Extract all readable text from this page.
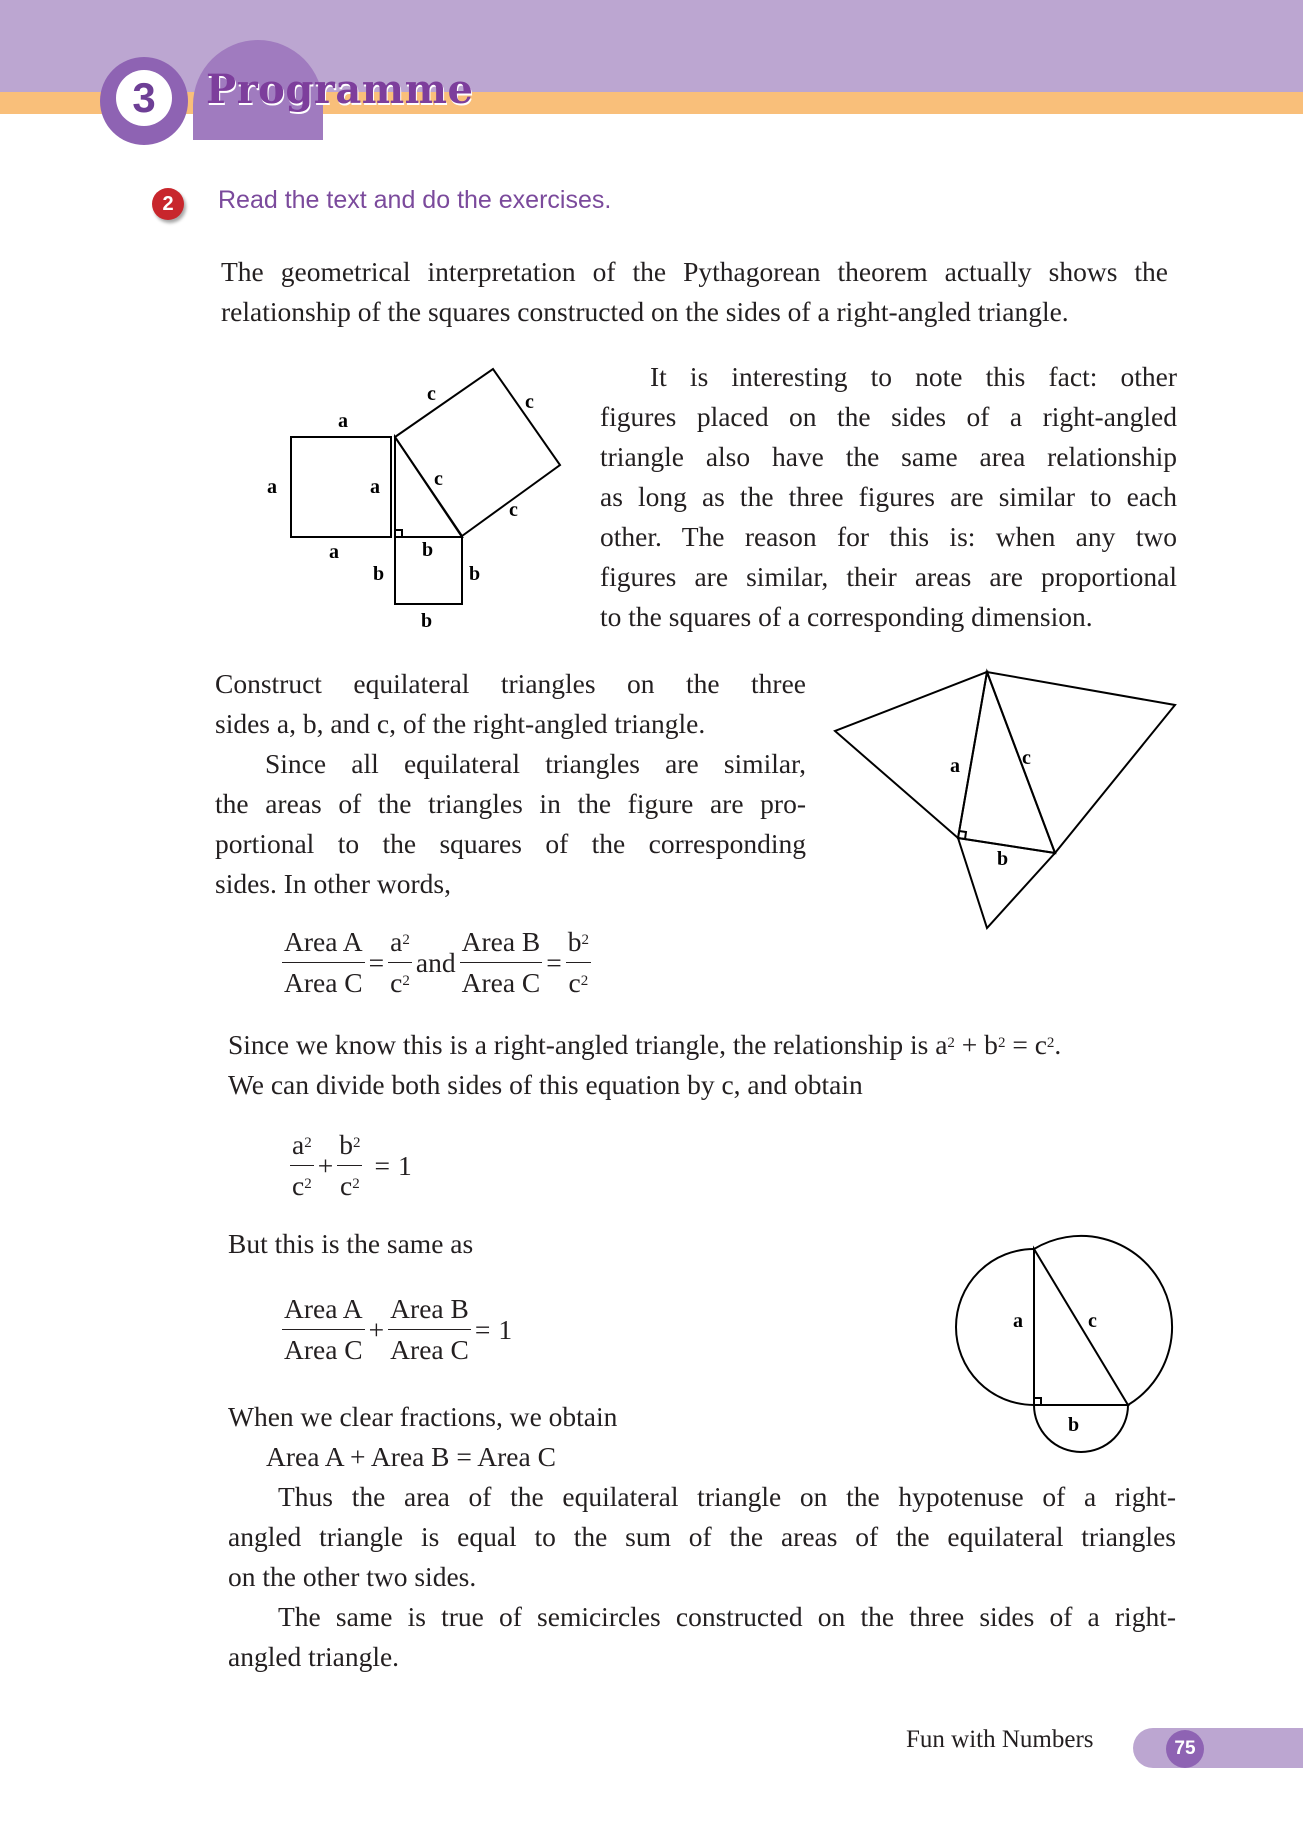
3	Programme
2	Read the text and do the exercises.
The geometrical interpretation of the Pythagorean theorem actually shows the
relationship of the squares constructed on the sides of a right-angled triangle.
a
a	a
a
c	c
c
c
b
b	b
b
It is interesting to note this fact: other
figures placed on the sides of a right-angled
triangle also have the same area relationship
as long as the three figures are similar to each
other. The reason for this is: when any two
figures are similar, their areas are proportional
to the squares of a corresponding dimension.
Construct equilateral triangles on the three
sides a, b, and c, of the right-angled triangle.
Since all equilateral triangles are similar,
the areas of the triangles in the figure are pro-
portional to the squares of the corresponding
sides. In other words,
a	c
b
$\frac{\text{Area A}}{\text{Area C}} = \frac{a^2}{c^2}$ and $\frac{\text{Area B}}{\text{Area C}} = \frac{b^2}{c^2}$
Since we know this is a right-angled triangle, the relationship is $a^2 + b^2 = c^2$.
We can divide both sides of this equation by c, and obtain
$\frac{a^2}{c^2} + \frac{b^2}{c^2} = 1$
But this is the same as
$\frac{\text{Area A}}{\text{Area C}} + \frac{\text{Area B}}{\text{Area C}} = 1$	a	c
b
When we clear fractions, we obtain
Area A + Area B = Area C
Thus the area of the equilateral triangle on the hypotenuse of a right-
angled triangle is equal to the sum of the areas of the equilateral triangles
on the other two sides.
The same is true of semicircles constructed on the three sides of a right-
angled triangle.
Fun with Numbers	75
